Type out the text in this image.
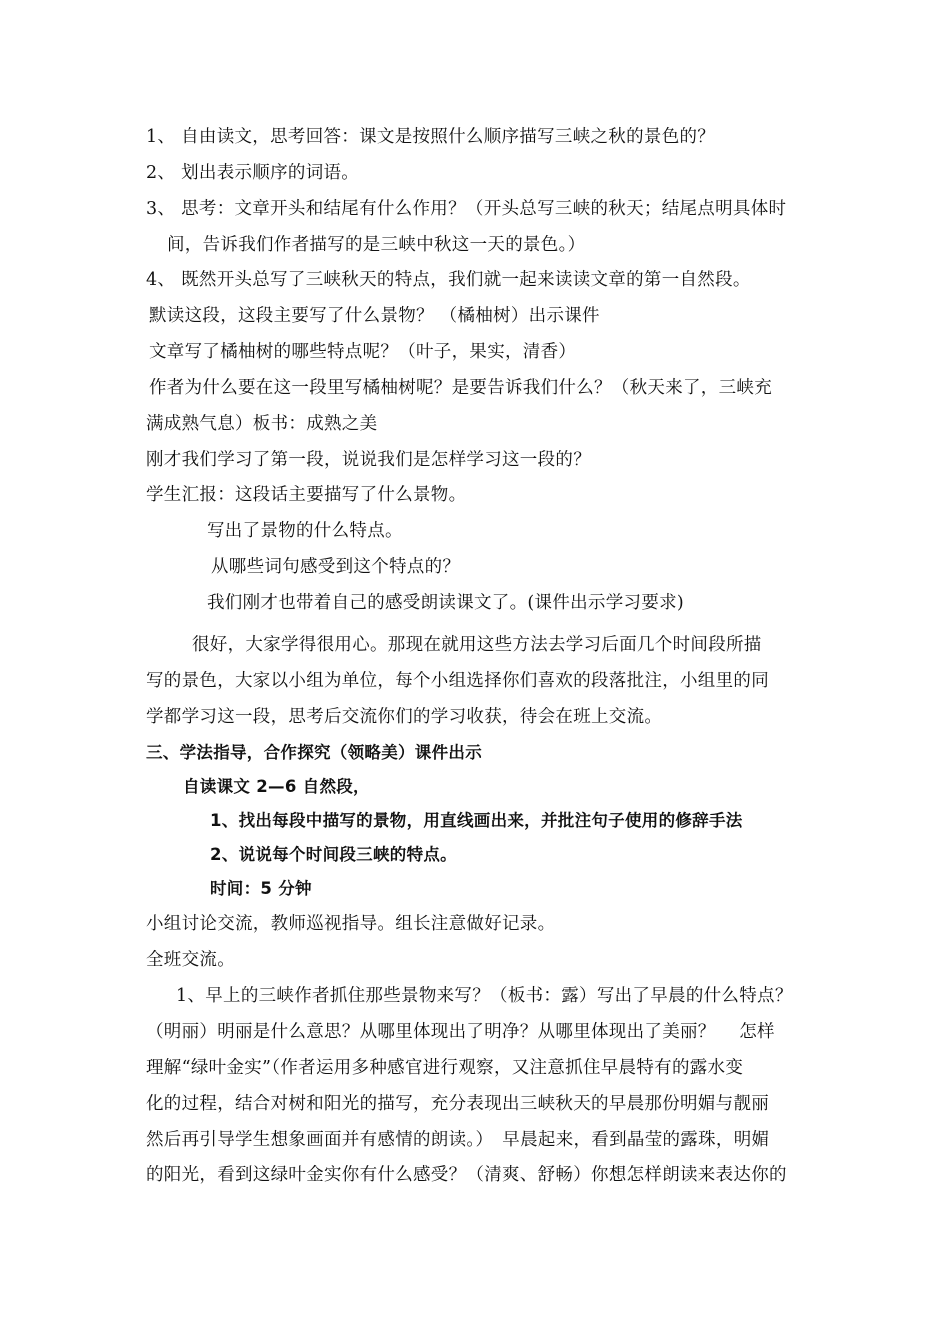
1、 自由读文，思考回答：课文是按照什么顺序描写三峡之秋的景色的？
2、 划出表示顺序的词语。
3、 思考：文章开头和结尾有什么作用？（开头总写三峡的秋天；结尾点明具体时
间，告诉我们作者描写的是三峡中秋这一天的景色。）
4、 既然开头总写了三峡秋天的特点，我们就一起来读读文章的第一自然段。
默读这段，这段主要写了什么景物？ （橘柚树）出示课件
文章写了橘柚树的哪些特点呢？（叶子，果实，清香）
作者为什么要在这一段里写橘柚树呢？是要告诉我们什么？（秋天来了，三峡充
满成熟气息）板书：成熟之美
刚才我们学习了第一段，说说我们是怎样学习这一段的？
学生汇报：这段话主要描写了什么景物。
写出了景物的什么特点。
从哪些词句感受到这个特点的？
我们刚才也带着自己的感受朗读课文了。(课件出示学习要求)
很好，大家学得很用心。那现在就用这些方法去学习后面几个时间段所描
写的景色，大家以小组为单位，每个小组选择你们喜欢的段落批注，小组里的同
学都学习这一段，思考后交流你们的学习收获，待会在班上交流。
三、学法指导，合作探究（领略美）课件出示
自读课文 2—6 自然段，
1、找出每段中描写的景物，用直线画出来，并批注句子使用的修辞手法
2、说说每个时间段三峡的特点。
时间：5 分钟
小组讨论交流，教师巡视指导。组长注意做好记录。
全班交流。
1、早上的三峡作者抓住那些景物来写？（板书：露）写出了早晨的什么特点？
（明丽）明丽是什么意思？从哪里体现出了明净？从哪里体现出了美丽？　 怎样
理解“绿叶金实”（作者运用多种感官进行观察，又注意抓住早晨特有的露水变
化的过程，结合对树和阳光的描写，充分表现出三峡秋天的早晨那份明媚与靓丽
然后再引导学生想象画面并有感情的朗读。）　早晨起来，看到晶莹的露珠，明媚
的阳光，看到这绿叶金实你有什么感受？（清爽、舒畅）你想怎样朗读来表达你的
